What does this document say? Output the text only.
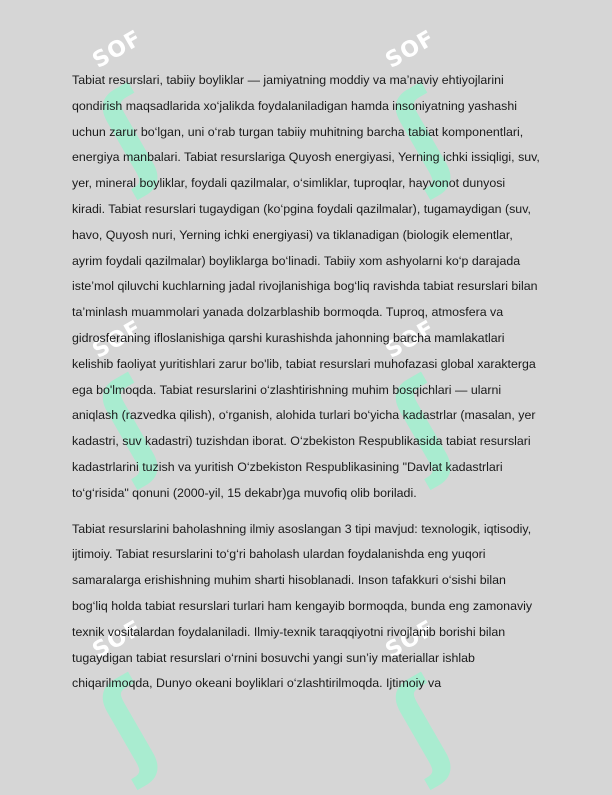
SOF
ʃ
SOF
ʃ
SOF
ʃ
SOF
ʃ
SOF
ʃ
SOF
ʃ

Tabiat resurslari, tabiiy boyliklar — jamiyatning moddiy va ma’naviy ehtiyojlarini qondirish maqsadlarida xo‘jalikda foydalaniladigan hamda insoniyatning yashashi uchun zarur bo‘lgan, uni o‘rab turgan tabiiy muhitning barcha tabiat komponentlari, energiya manbalari. Tabiat resurslariga Quyosh energiyasi, Yerning ichki issiqligi, suv, yer, mineral boyliklar, foydali qazilmalar, o‘simliklar, tuproqlar, hayvonot dunyosi kiradi. Tabiat resurslari tugaydigan (ko‘pgina foydali qazilmalar), tugamaydigan (suv, havo, Quyosh nuri, Yerning ichki energiyasi) va tiklanadigan (biologik elementlar, ayrim foydali qazilmalar) boyliklarga bo‘linadi. Tabiiy xom ashyolarni ko‘p darajada iste’mol qiluvchi kuchlarning jadal rivojlanishiga bog‘liq ravishda tabiat resurslari bilan ta’minlash muammolari yanada dolzarblashib bormoqda. Tuproq, atmosfera va gidrosferaning ifloslanishiga qarshi kurashishda jahonning barcha mamlakatlari kelishib faoliyat yuritishlari zarur bo'lib, tabiat resurslari muhofazasi global xarakterga ega bo'lmoqda. Tabiat resurslarini o‘zlashtirishning muhim bosqichlari — ularni aniqlash (razvedka qilish), o‘rganish, alohida turlari bo‘yicha kadastrlar (masalan, yer kadastri, suv kadastri) tuzishdan iborat. O‘zbekiston Respublikasida tabiat resurslari kadastrlarini tuzish va yuritish O‘zbekiston Respublikasining "Davlat kadastrlari to‘g‘risida" qonuni (2000-yil, 15 dekabr)ga muvofiq olib boriladi.

Tabiat resurslarini baholashning ilmiy asoslangan 3 tipi mavjud: texnologik, iqtisodiy, ijtimoiy. Tabiat resurslarini to‘g‘ri baholash ulardan foydalanishda eng yuqori samaralarga erishishning muhim sharti hisoblanadi. Inson tafakkuri o‘sishi bilan bog‘liq holda tabiat resurslari turlari ham kengayib bormoqda, bunda eng zamonaviy texnik vositalardan foydalaniladi. Ilmiy-texnik taraqqiyotni rivojlanib borishi bilan tugaydigan tabiat resurslari o‘rnini bosuvchi yangi sun’iy materiallar ishlab chiqarilmoqda, Dunyo okeani boyliklari o‘zlashtirilmoqda. Ijtimoiy va
